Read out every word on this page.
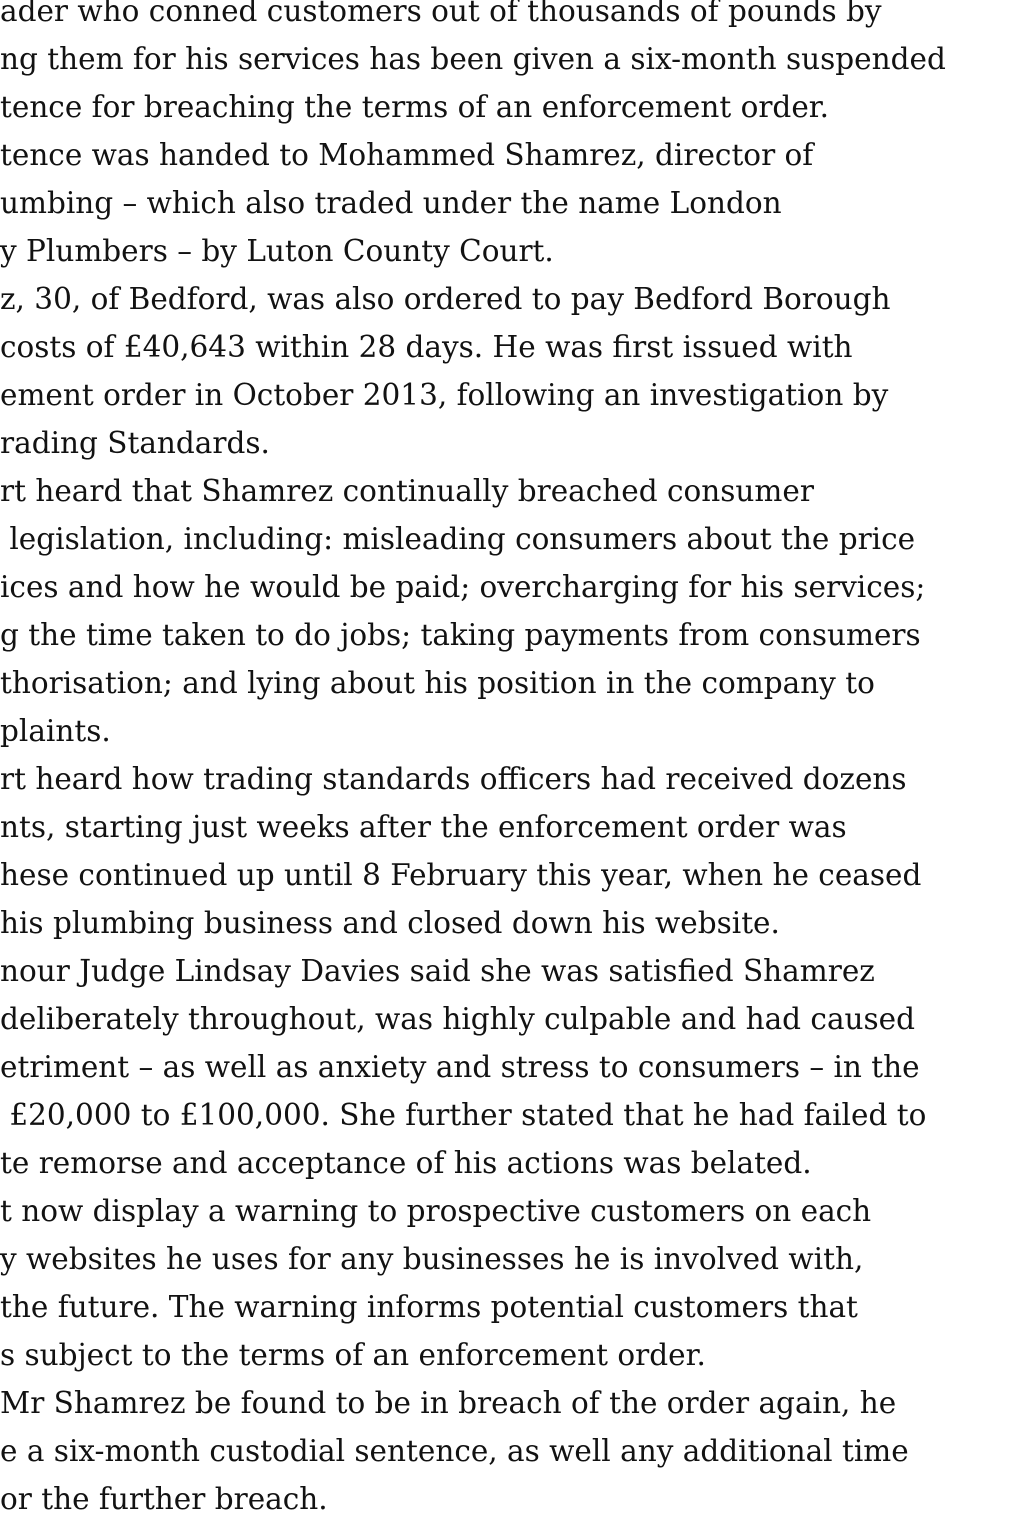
ader who conned customers out of thousands of pounds by
ng them for his services has been given a six-month suspended
tence for breaching the terms of an enforcement order.
tence was handed to Mohammed Shamrez, director of
umbing – which also traded under the name London
y Plumbers – by Luton County Court.
z, 30, of Bedford, was also ordered to pay Bedford Borough
costs of £40,643 within 28 days. He was first issued with
ement order in October 2013, following an investigation by
rading Standards.
rt heard that Shamrez continually breached consumer
legislation, including: misleading consumers about the price
ices and how he would be paid; overcharging for his services;
g the time taken to do jobs; taking payments from consumers
thorisation; and lying about his position in the company to
plaints.
rt heard how trading standards officers had received dozens
nts, starting just weeks after the enforcement order was
hese continued up until 8 February this year, when he ceased
his plumbing business and closed down his website.
nour Judge Lindsay Davies said she was satisfied Shamrez
deliberately throughout, was highly culpable and had caused
etriment – as well as anxiety and stress to consumers – in the
£20,000 to £100,000. She further stated that he had failed to
te remorse and acceptance of his actions was belated.
t now display a warning to prospective customers on each
y websites he uses for any businesses he is involved with,
the future. The warning informs potential customers that
s subject to the terms of an enforcement order.
Mr Shamrez be found to be in breach of the order again, he
e a six-month custodial sentence, as well any additional time
or the further breach.
